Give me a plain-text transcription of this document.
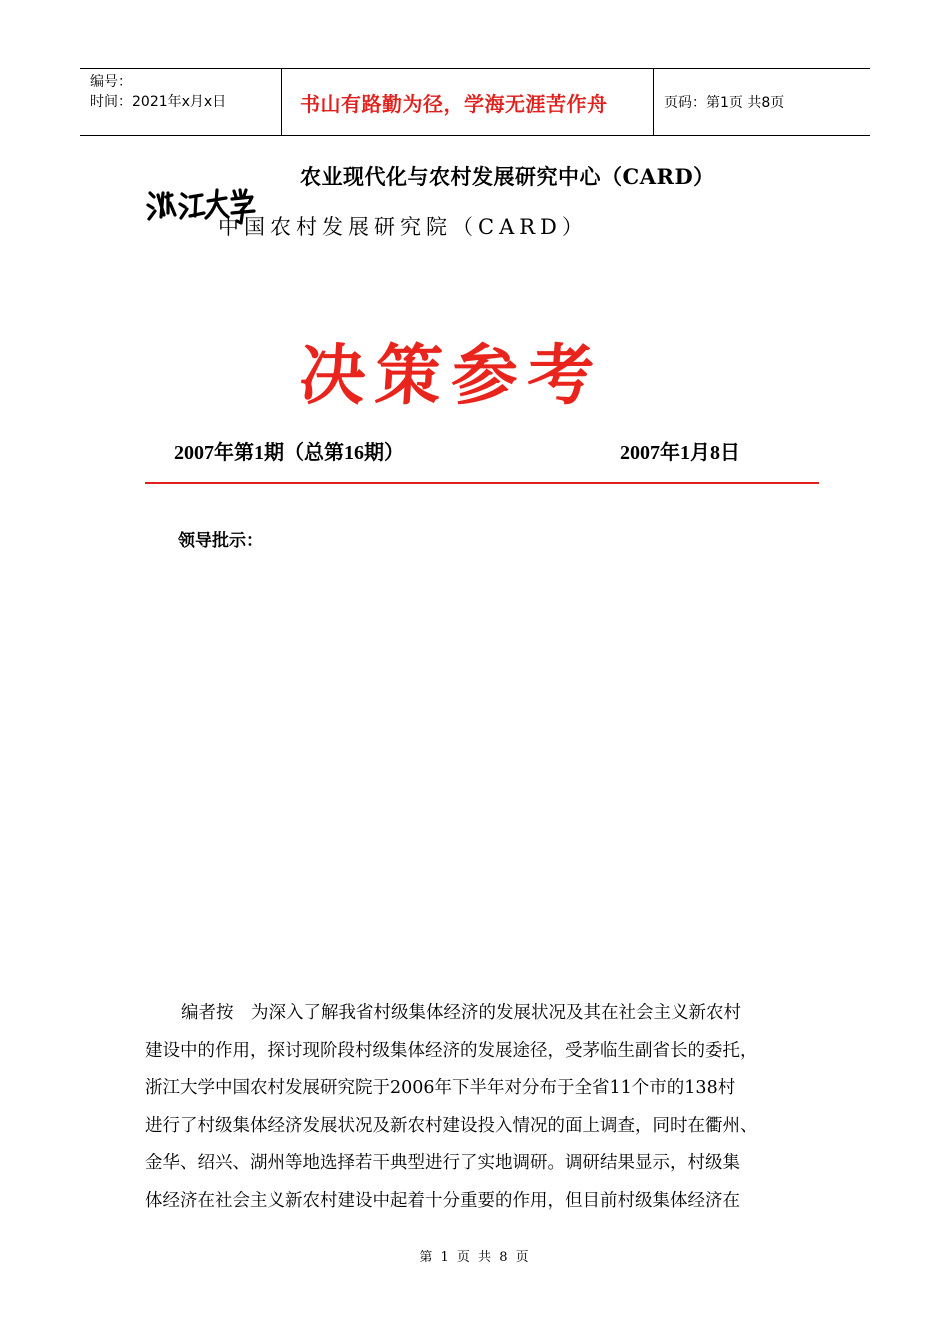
编号：
时间：2021年x月x日	书山有路勤为径，学海无涯苦作舟	页码：第1页 共8页
农业现代化与农村发展研究中心（CARD）
中国农村发展研究院（CARD）
决策参考
2007年第1期（总第16期）	2007年1月8日
领导批示：

编者按　为深入了解我省村级集体经济的发展状况及其在社会主义新农村

建设中的作用，探讨现阶段村级集体经济的发展途径，受茅临生副省长的委托，

浙江大学中国农村发展研究院于2006年下半年对分布于全省11个市的138村

进行了村级集体经济发展状况及新农村建设投入情况的面上调查，同时在衢州、

金华、绍兴、湖州等地选择若干典型进行了实地调研。调研结果显示，村级集

体经济在社会主义新农村建设中起着十分重要的作用，但目前村级集体经济在

第 1 页 共 8 页
